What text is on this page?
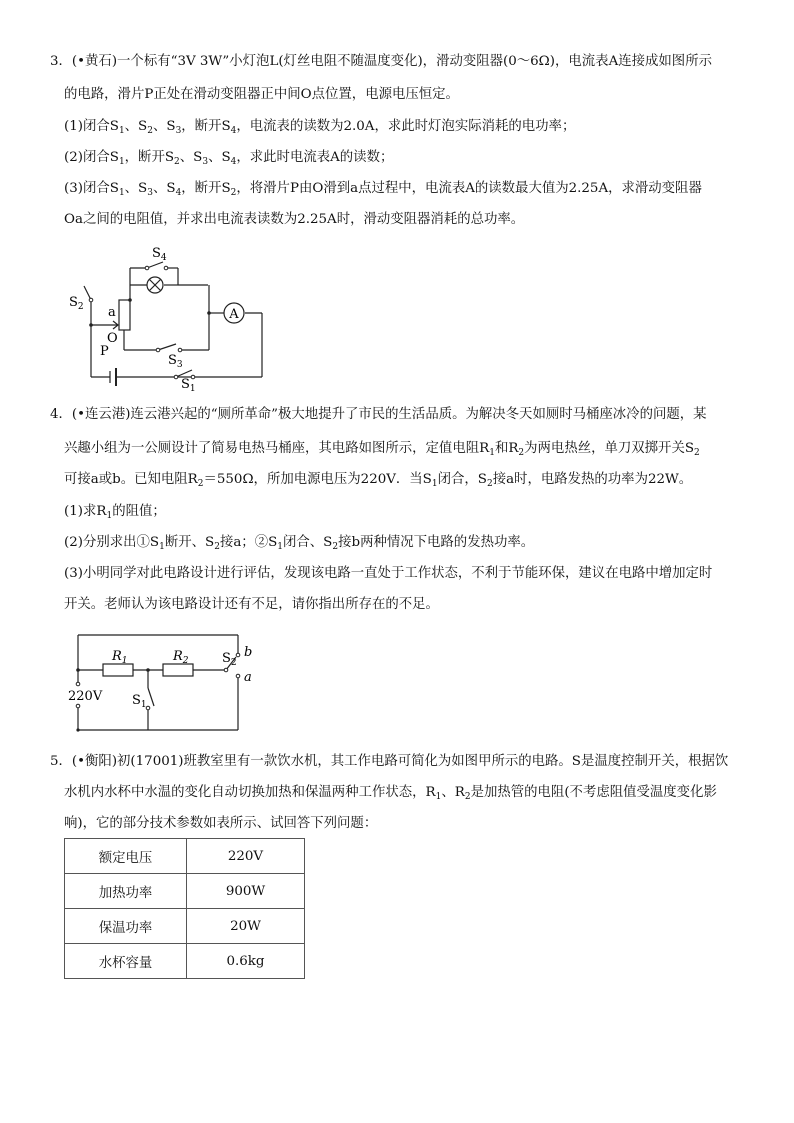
3．(•黄石)一个标有“3V 3W”小灯泡L(灯丝电阻不随温度变化)，滑动变阻器(0～6Ω)，电流表A连接成如图所示
的电路，滑片P正处在滑动变阻器正中间O点位置，电源电压恒定。
(1)闭合$S_1$、$S_2$、$S_3$，断开$S_4$，电流表的读数为2.0A，求此时灯泡实际消耗的电功率；
(2)闭合$S_1$，断开$S_2$、$S_3$、$S_4$，求此时电流表A的读数；
(3)闭合$S_1$、$S_3$、$S_4$，断开$S_2$，将滑片P由O滑到a点过程中，电流表A的读数最大值为2.25A，求滑动变阻器
Oa之间的电阻值，并求出电流表读数为2.25A时，滑动变阻器消耗的总功率。
A
$S_4$
$S_2$ a
O
P
$S_3$
$S_1$
4．(•连云港)连云港兴起的“厕所革命”极大地提升了市民的生活品质。为解决冬天如厕时马桶座冰冷的问题，某
兴趣小组为一公厕设计了简易电热马桶座，其电路如图所示，定值电阻$R_1$和$R_2$为两电热丝，单刀双掷开关$S_2$
可接a或b。已知电阻$R_2=550\Omega$，所加电源电压为220V．当$S_1$闭合，$S_2$接a时，电路发热的功率为22W。
(1)求$R_1$的阻值；
(2)分别求出$①S_1$断开、$S_2$接a；$②S_1$闭合、$S_2$接b两种情况下电路的发热功率。
(3)小明同学对此电路设计进行评估，发现该电路一直处于工作状态，不利于节能环保，建议在电路中增加定时
开关。老师认为该电路设计还有不足，请你指出所存在的不足。
$R_1$	$R_2$	$S_2$
b
a
220V $S_1$
5．(•衡阳)初(17001)班教室里有一款饮水机，其工作电路可简化为如图甲所示的电路。S是温度控制开关，根据饮
水机内水杯中水温的变化自动切换加热和保温两种工作状态，$R_1$、$R_2$是加热管的电阻(不考虑阻值受温度变化影
响)，它的部分技术参数如表所示、试回答下列问题：
额定电压	220V
加热功率	900W
保温功率	20W
水杯容量	0.6kg
